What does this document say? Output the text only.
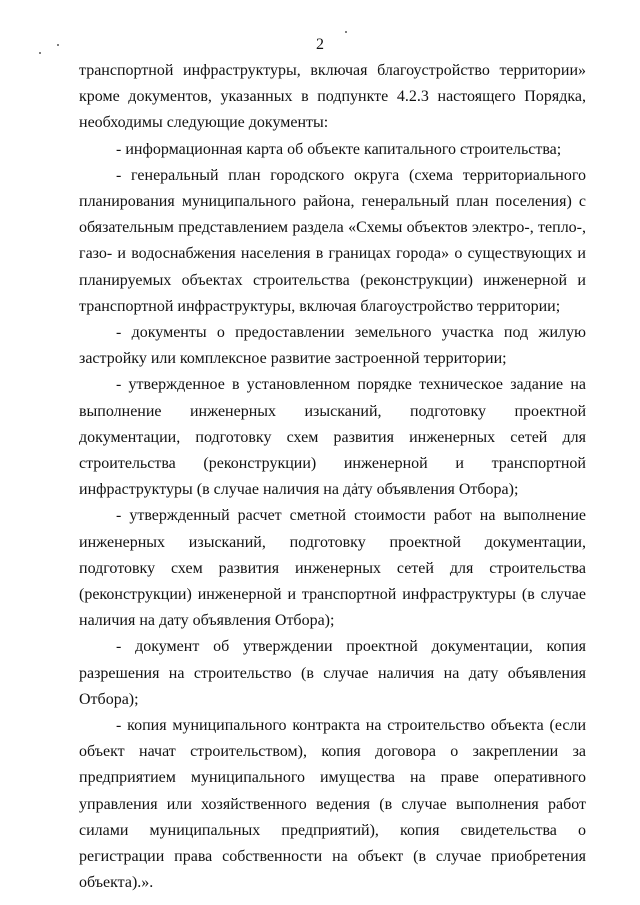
2

транспортной инфраструктуры, включая благоустройство территории» кроме документов, указанных в подпункте 4.2.3 настоящего Порядка, необходимы следующие документы:

- информационная карта об объекте капитального строительства;

- генеральный план городского округа (схема территориального планирования муниципального района, генеральный план поселения) с обязательным представлением раздела «Схемы объектов электро-, тепло-, газо- и водоснабжения населения в границах города» о существующих и планируемых объектах строительства (реконструкции) инженерной и транспортной инфраструктуры, включая благоустройство территории;

- документы о предоставлении земельного участка под жилую застройку или комплексное развитие застроенной территории;

- утвержденное в установленном порядке техническое задание на выполнение инженерных изысканий, подготовку проектной документации, подготовку схем развития инженерных сетей для строительства (реконструкции) инженерной и транспортной инфраструктуры (в случае наличия на дату объявления Отбора);

- утвержденный расчет сметной стоимости работ на выполнение инженерных изысканий, подготовку проектной документации, подготовку схем развития инженерных сетей для строительства (реконструкции) инженерной и транспортной инфраструктуры (в случае наличия на дату объявления Отбора);

- документ об утверждении проектной документации, копия разрешения на строительство (в случае наличия на дату объявления Отбора);

- копия муниципального контракта на строительство объекта (если объект начат строительством), копия договора о закреплении за предприятием муниципального имущества на праве оперативного управления или хозяйственного ведения (в случае выполнения работ силами муниципальных предприятий), копия свидетельства о регистрации права собственности на объект (в случае приобретения объекта).».
